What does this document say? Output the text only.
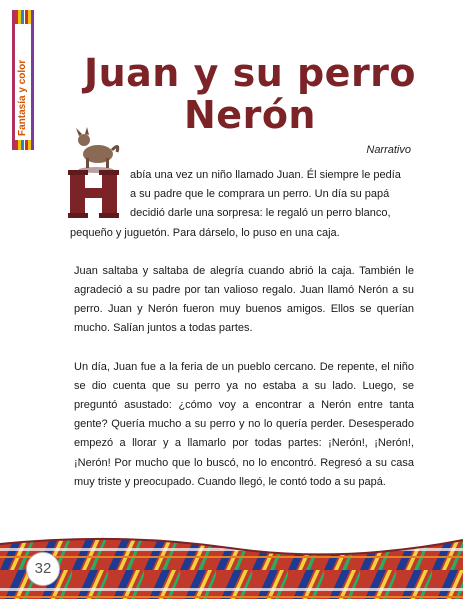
Fantasía y color	Juan y su perro
Nerón

Narrativo

H

abía una vez un niño llamado Juan. Él siempre le pedía
a su padre que le comprara un perro. Un día su papá
decidió darle una sorpresa: le regaló un perro blanco,
pequeño y juguetón. Para dárselo, lo puso en una caja.

Juan saltaba y saltaba de alegría cuando abrió la caja. También le agradeció a su padre por tan valioso regalo. Juan llamó Nerón a su perro. Juan y Nerón fueron muy buenos amigos. Ellos se querían mucho. Salían juntos a todas partes.

Un día, Juan fue a la feria de un pueblo cercano. De repente, el niño se dio cuenta que su perro ya no estaba a su lado. Luego, se preguntó asustado: ¿cómo voy a encontrar a Nerón entre tanta gente? Quería mucho a su perro y no lo quería perder. Desesperado empezó a llorar y a llamarlo por todas partes: ¡Nerón!, ¡Nerón!, ¡Nerón! Por mucho que lo buscó, no lo encontró. Regresó a su casa muy triste y preocupado. Cuando llegó, le contó todo a su papá.

32
